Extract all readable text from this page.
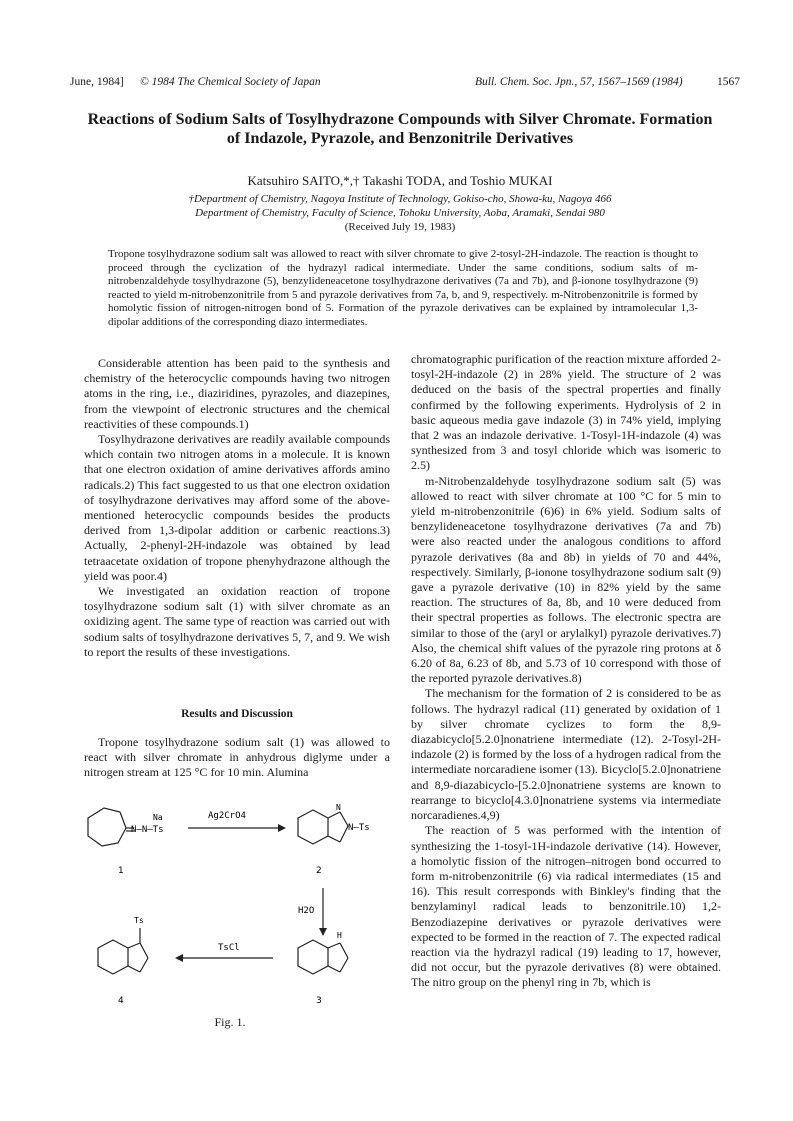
June, 1984] © 1984 The Chemical Society of Japan	Bull. Chem. Soc. Jpn., 57, 1567–1569 (1984)	1567
Reactions of Sodium Salts of Tosylhydrazone Compounds with Silver Chromate. Formation of Indazole, Pyrazole, and Benzonitrile Derivatives
Katsuhiro SAITO,*,† Takashi TODA, and Toshio MUKAI
†Department of Chemistry, Nagoya Institute of Technology, Gokiso-cho, Showa-ku, Nagoya 466
Department of Chemistry, Faculty of Science, Tohoku University, Aoba, Aramaki, Sendai 980
(Received July 19, 1983)
Tropone tosylhydrazone sodium salt was allowed to react with silver chromate to give 2-tosyl-2H-indazole. The reaction is thought to proceed through the cyclization of the hydrazyl radical intermediate. Under the same conditions, sodium salts of m-nitrobenzaldehyde tosylhydrazone (5), benzylideneacetone tosylhydrazone derivatives (7a and 7b), and β-ionone tosylhydrazone (9) reacted to yield m-nitrobenzonitrile from 5 and pyrazole derivatives from 7a, b, and 9, respectively. m-Nitrobenzonitrile is formed by homolytic fission of nitrogen-nitrogen bond of 5. Formation of the pyrazole derivatives can be explained by intramolecular 1,3-dipolar additions of the corresponding diazo intermediates.

Considerable attention has been paid to the synthesis and chemistry of the heterocyclic compounds having two nitrogen atoms in the ring, i.e., diaziridines, pyrazoles, and diazepines, from the viewpoint of electronic structures and the chemical reactivities of these compounds.1)

Tosylhydrazone derivatives are readily available compounds which contain two nitrogen atoms in a molecule. It is known that one electron oxidation of amine derivatives affords amino radicals.2) This fact suggested to us that one electron oxidation of tosylhydrazone derivatives may afford some of the above-mentioned heterocyclic compounds besides the products derived from 1,3-dipolar addition or carbenic reactions.3) Actually, 2-phenyl-2H-indazole was obtained by lead tetraacetate oxidation of tropone phenyhydrazone although the yield was poor.4)

We investigated an oxidation reaction of tropone tosylhydrazone sodium salt (1) with silver chromate as an oxidizing agent. The same type of reaction was carried out with sodium salts of tosylhydrazone derivatives 5, 7, and 9. We wish to report the results of these investigations.

Results and Discussion

Tropone tosylhydrazone sodium salt (1) was allowed to react with silver chromate in anhydrous diglyme under a nitrogen stream at 125 °C for 10 min. Alumina

N–N–Ts
Na
1
Ag2CrO4
N
N–Ts
2
H2O
H
3
TsCl
Ts
4
Fig. 1.

chromatographic purification of the reaction mixture afforded 2-tosyl-2H-indazole (2) in 28% yield. The structure of 2 was deduced on the basis of the spectral properties and finally confirmed by the following experiments. Hydrolysis of 2 in basic aqueous media gave indazole (3) in 74% yield, implying that 2 was an indazole derivative. 1-Tosyl-1H-indazole (4) was synthesized from 3 and tosyl chloride which was isomeric to 2.5)

m-Nitrobenzaldehyde tosylhydrazone sodium salt (5) was allowed to react with silver chromate at 100 °C for 5 min to yield m-nitrobenzonitrile (6)6) in 6% yield. Sodium salts of benzylideneacetone tosylhydrazone derivatives (7a and 7b) were also reacted under the analogous conditions to afford pyrazole derivatives (8a and 8b) in yields of 70 and 44%, respectively. Similarly, β-ionone tosylhydrazone sodium salt (9) gave a pyrazole derivative (10) in 82% yield by the same reaction. The structures of 8a, 8b, and 10 were deduced from their spectral properties as follows. The electronic spectra are similar to those of the (aryl or arylalkyl) pyrazole derivatives.7) Also, the chemical shift values of the pyrazole ring protons at δ 6.20 of 8a, 6.23 of 8b, and 5.73 of 10 correspond with those of the reported pyrazole derivatives.8)

The mechanism for the formation of 2 is considered to be as follows. The hydrazyl radical (11) generated by oxidation of 1 by silver chromate cyclizes to form the 8,9-diazabicyclo[5.2.0]nonatriene intermediate (12). 2-Tosyl-2H-indazole (2) is formed by the loss of a hydrogen radical from the intermediate norcaradiene isomer (13). Bicyclo[5.2.0]nonatriene and 8,9-diazabicyclo-[5.2.0]nonatriene systems are known to rearrange to bicyclo[4.3.0]nonatriene systems via intermediate norcaradienes.4,9)

The reaction of 5 was performed with the intention of synthesizing the 1-tosyl-1H-indazole derivative (14). However, a homolytic fission of the nitrogen–nitrogen bond occurred to form m-nitrobenzonitrile (6) via radical intermediates (15 and 16). This result corresponds with Binkley's finding that the benzylaminyl radical leads to benzonitrile.10) 1,2-Benzodiazepine derivatives or pyrazole derivatives were expected to be formed in the reaction of 7. The expected radical reaction via the hydrazyl radical (19) leading to 17, however, did not occur, but the pyrazole derivatives (8) were obtained. The nitro group on the phenyl ring in 7b, which is
